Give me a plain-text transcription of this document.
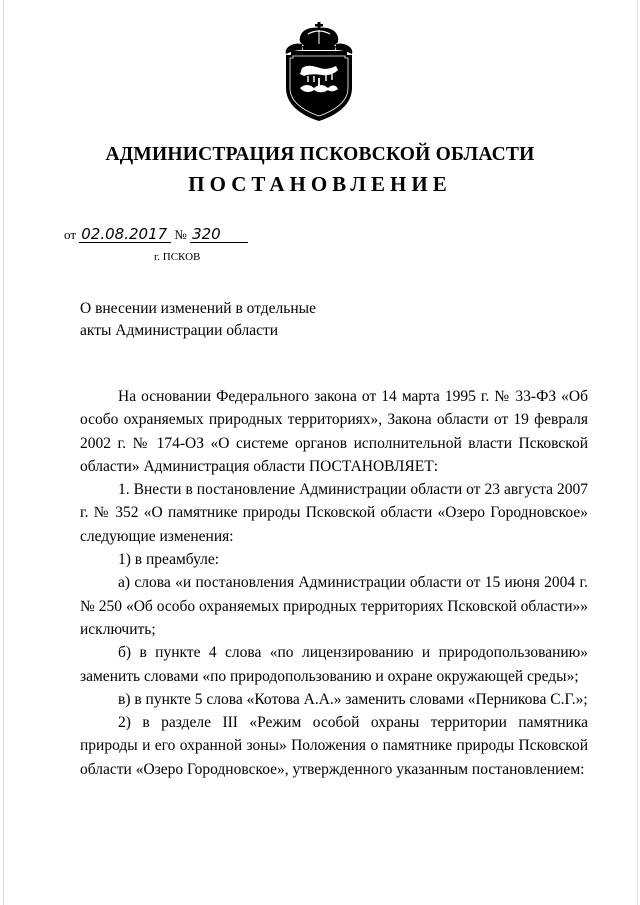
АДМИНИСТРАЦИЯ ПСКОВСКОЙ ОБЛАСТИ
ПОСТАНОВЛЕНИЕ
от 02.08.2017 № 320
г. ПСКОВ
О внесении изменений в отдельные
акты Администрации области

На основании Федерального закона от 14 марта 1995 г. № 33-ФЗ «Об особо охраняемых природных территориях», Закона области от 19 февраля 2002 г. № 174-ОЗ «О системе органов исполнительной власти Псковской области» Администрация области ПОСТАНОВЛЯЕТ:

1. Внести в постановление Администрации области от 23 августа 2007 г. № 352 «О памятнике природы Псковской области «Озеро Городновское» следующие изменения:

1) в преамбуле:

а) слова «и постановления Администрации области от 15 июня 2004 г. № 250 «Об особо охраняемых природных территориях Псковской области»» исключить;

б) в пункте 4 слова «по лицензированию и природопользованию» заменить словами «по природопользованию и охране окружающей среды»;

в) в пункте 5 слова «Котова А.А.» заменить словами «Перникова С.Г.»;

2) в разделе III «Режим особой охраны территории памятника природы и его охранной зоны» Положения о памятнике природы Псковской области «Озеро Городновское», утвержденного указанным постановлением:
